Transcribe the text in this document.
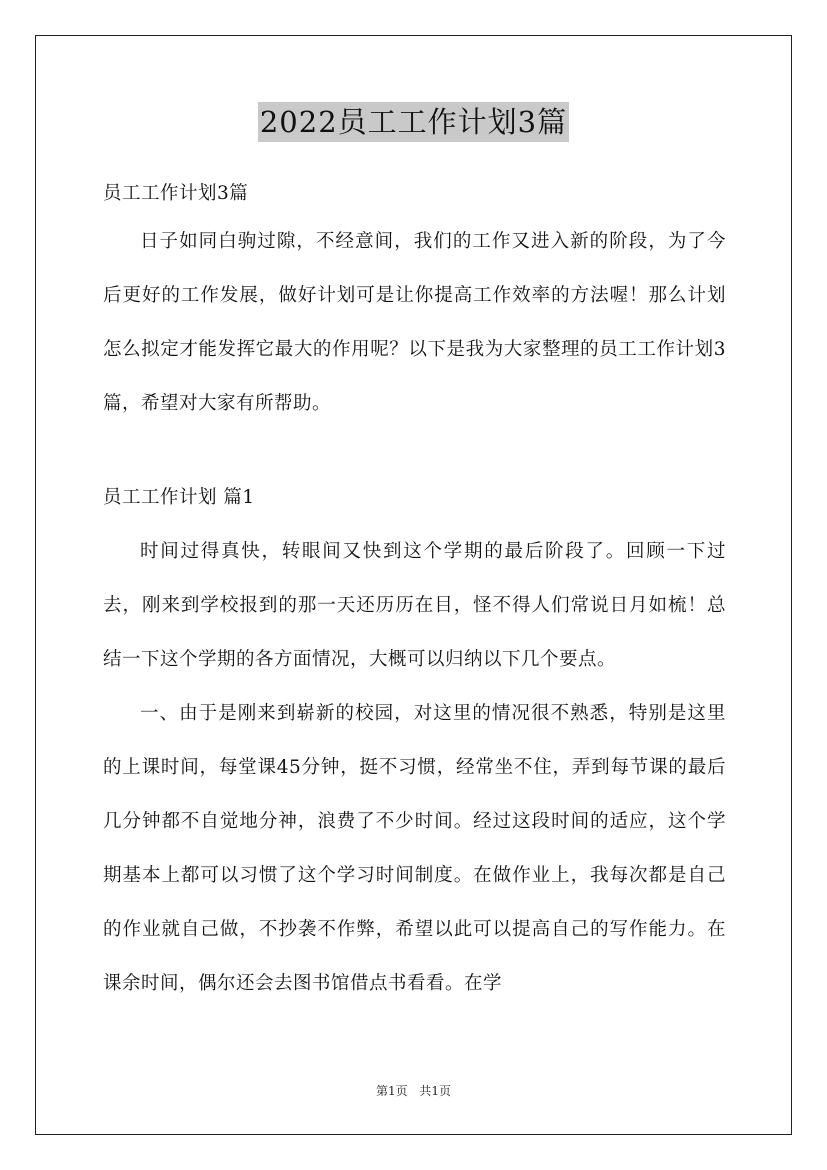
2022员工工作计划3篇

员工工作计划3篇

日子如同白驹过隙，不经意间，我们的工作又进入新的阶段，为了今后更好的工作发展，做好计划可是让你提高工作效率的方法喔！那么计划怎么拟定才能发挥它最大的作用呢？以下是我为大家整理的员工工作计划3篇，希望对大家有所帮助。

员工工作计划 篇1

时间过得真快，转眼间又快到这个学期的最后阶段了。回顾一下过去，刚来到学校报到的那一天还历历在目，怪不得人们常说日月如梳！总结一下这个学期的各方面情况，大概可以归纳以下几个要点。

一、由于是刚来到崭新的校园，对这里的情况很不熟悉，特别是这里的上课时间，每堂课45分钟，挺不习惯，经常坐不住，弄到每节课的最后几分钟都不自觉地分神，浪费了不少时间。经过这段时间的适应，这个学期基本上都可以习惯了这个学习时间制度。在做作业上，我每次都是自己的作业就自己做，不抄袭不作弊，希望以此可以提高自己的写作能力。在课余时间，偶尔还会去图书馆借点书看看。在学

第1页 共1页
